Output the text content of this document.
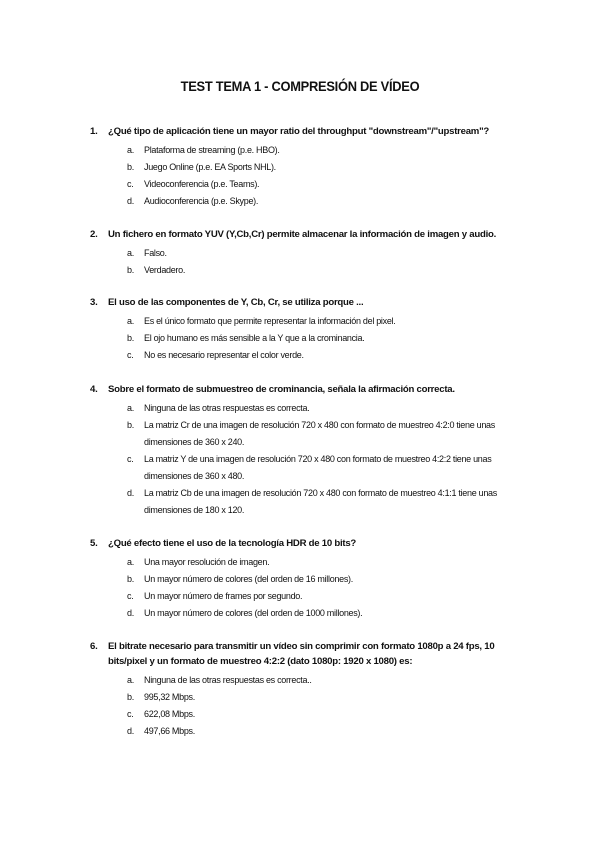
TEST TEMA 1 - COMPRESIÓN DE VÍDEO
1.	¿Qué tipo de aplicación tiene un mayor ratio del throughput "downstream"/"upstream"?
a.	Plataforma de streaming (p.e. HBO).
b.	Juego Online (p.e. EA Sports NHL).
c.	Videoconferencia (p.e. Teams).
d.	Audioconferencia (p.e. Skype).
2.	Un fichero en formato YUV (Y,Cb,Cr) permite almacenar la información de imagen y audio.
a.	Falso.
b.	Verdadero.
3.	El uso de las componentes de Y, Cb, Cr, se utiliza porque ...
a.	Es el único formato que permite representar la información del pixel.
b.	El ojo humano es más sensible a la Y que a la crominancia.
c.	No es necesario representar el color verde.
4.	Sobre el formato de submuestreo de crominancia, señala la afirmación correcta.
a.	Ninguna de las otras respuestas es correcta.
b.	La matriz Cr de una imagen de resolución 720 x 480 con formato de muestreo 4:2:0 tiene unas dimensiones de 360 x 240.
c.	La matriz Y de una imagen de resolución 720 x 480 con formato de muestreo 4:2:2 tiene unas dimensiones de 360 x 480.
d.	La matriz Cb de una imagen de resolución 720 x 480 con formato de muestreo 4:1:1 tiene unas dimensiones de 180 x 120.
5.	¿Qué efecto tiene el uso de la tecnología HDR de 10 bits?
a.	Una mayor resolución de imagen.
b.	Un mayor número de colores (del orden de 16 millones).
c.	Un mayor número de frames por segundo.
d.	Un mayor número de colores (del orden de 1000 millones).
6.	El bitrate necesario para transmitir un vídeo sin comprimir con formato 1080p a 24 fps, 10 bits/pixel y un formato de muestreo 4:2:2 (dato 1080p: 1920 x 1080) es:
a.	Ninguna de las otras respuestas es correcta..
b.	995,32 Mbps.
c.	622,08 Mbps.
d.	497,66 Mbps.
